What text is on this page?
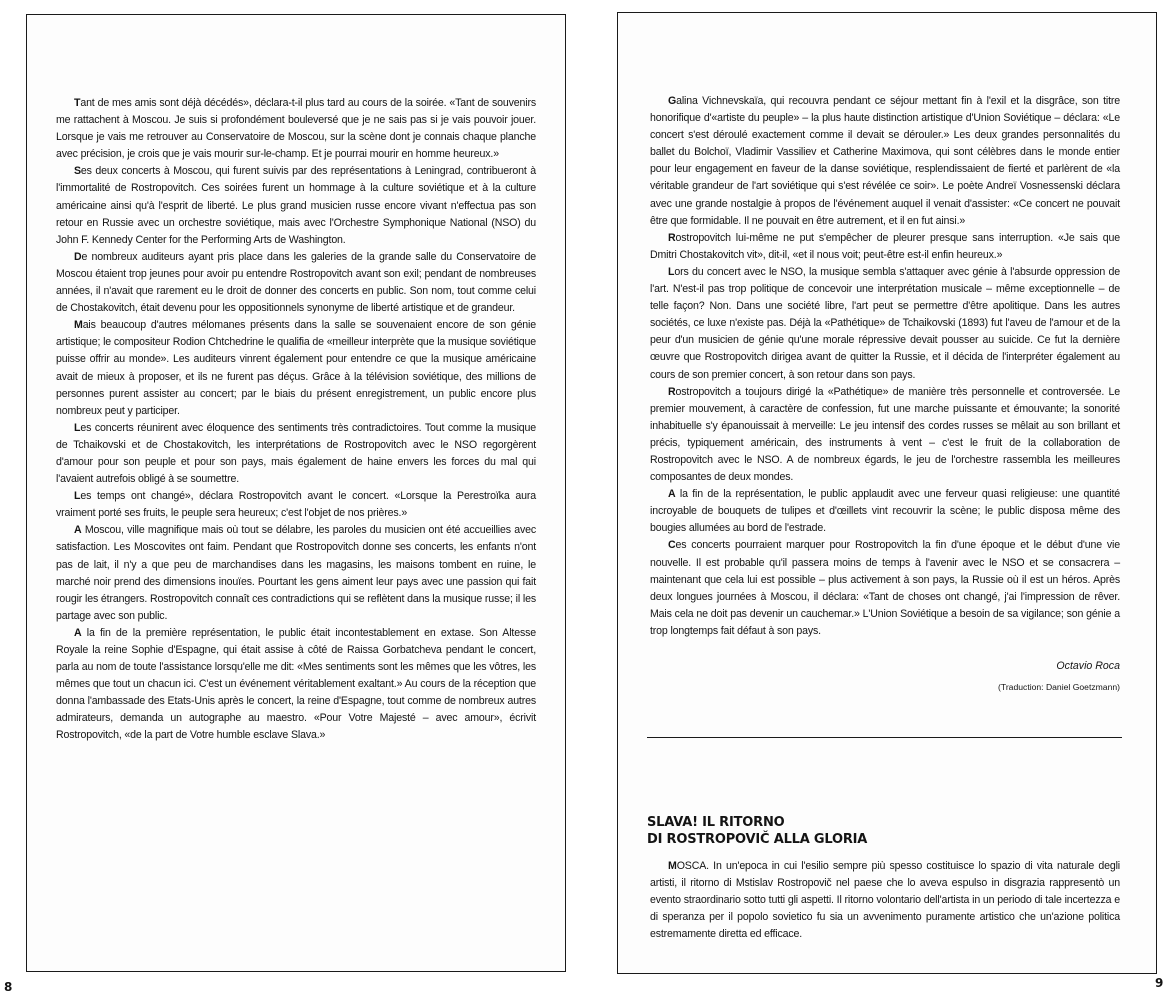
Tant de mes amis sont déjà décédés», déclara-t-il plus tard au cours de la soirée. «Tant de souvenirs me rattachent à Moscou. Je suis si profondément bouleversé que je ne sais pas si je vais pouvoir jouer. Lorsque je vais me retrouver au Conservatoire de Moscou, sur la scène dont je connais chaque planche avec précision, je crois que je vais mourir sur-le-champ. Et je pourrai mourir en homme heureux.»

Ses deux concerts à Moscou, qui furent suivis par des représentations à Leningrad, contribueront à l'immortalité de Rostropovitch. Ces soirées furent un hommage à la culture soviétique et à la culture américaine ainsi qu'à l'esprit de liberté. Le plus grand musicien russe encore vivant n'effectua pas son retour en Russie avec un orchestre soviétique, mais avec l'Orchestre Symphonique National (NSO) du John F. Kennedy Center for the Performing Arts de Washington.

De nombreux auditeurs ayant pris place dans les galeries de la grande salle du Conservatoire de Moscou étaient trop jeunes pour avoir pu entendre Rostropovitch avant son exil; pendant de nombreuses années, il n'avait que rarement eu le droit de donner des concerts en public. Son nom, tout comme celui de Chostakovitch, était devenu pour les oppositionnels synonyme de liberté artistique et de grandeur.

Mais beaucoup d'autres mélomanes présents dans la salle se souvenaient encore de son génie artistique; le compositeur Rodion Chtchedrine le qualifia de «meilleur interprète que la musique soviétique puisse offrir au monde». Les auditeurs vinrent également pour entendre ce que la musique américaine avait de mieux à proposer, et ils ne furent pas déçus. Grâce à la télévision soviétique, des millions de personnes purent assister au concert; par le biais du présent enregistrement, un public encore plus nombreux peut y participer.

Les concerts réunirent avec éloquence des sentiments très contradictoires. Tout comme la musique de Tchaikovski et de Chostakovitch, les interprétations de Rostropovitch avec le NSO regorgèrent d'amour pour son peuple et pour son pays, mais également de haine envers les forces du mal qui l'avaient autrefois obligé à se soumettre.

Les temps ont changé», déclara Rostropovitch avant le concert. «Lorsque la Perestroïka aura vraiment porté ses fruits, le peuple sera heureux; c'est l'objet de nos prières.»

A Moscou, ville magnifique mais où tout se délabre, les paroles du musicien ont été accueillies avec satisfaction. Les Moscovites ont faim. Pendant que Rostropovitch donne ses concerts, les enfants n'ont pas de lait, il n'y a que peu de marchandises dans les magasins, les maisons tombent en ruine, le marché noir prend des dimensions inouïes. Pourtant les gens aiment leur pays avec une passion qui fait rougir les étrangers. Rostropovitch connaît ces contradictions qui se reflètent dans la musique russe; il les partage avec son public.

A la fin de la première représentation, le public était incontestablement en extase. Son Altesse Royale la reine Sophie d'Espagne, qui était assise à côté de Raissa Gorbatcheva pendant le concert, parla au nom de toute l'assistance lorsqu'elle me dit: «Mes sentiments sont les mêmes que les vôtres, les mêmes que tout un chacun ici. C'est un événement véritablement exaltant.» Au cours de la réception que donna l'ambassade des Etats-Unis après le concert, la reine d'Espagne, tout comme de nombreux autres admirateurs, demanda un autographe au maestro. «Pour Votre Majesté – avec amour», écrivit Rostropovitch, «de la part de Votre humble esclave Slava.»

Galina Vichnevskaïa, qui recouvra pendant ce séjour mettant fin à l'exil et la disgrâce, son titre honorifique d'«artiste du peuple» – la plus haute distinction artistique d'Union Soviétique – déclara: «Le concert s'est déroulé exactement comme il devait se dérouler.» Les deux grandes personnalités du ballet du Bolchoï, Vladimir Vassiliev et Catherine Maximova, qui sont célèbres dans le monde entier pour leur engagement en faveur de la danse soviétique, resplendissaient de fierté et parlèrent de «la véritable grandeur de l'art soviétique qui s'est révélée ce soir». Le poète Andreï Vosnessenski déclara avec une grande nostalgie à propos de l'événement auquel il venait d'assister: «Ce concert ne pouvait être que formidable. Il ne pouvait en être autrement, et il en fut ainsi.»

Rostropovitch lui-même ne put s'empêcher de pleurer presque sans interruption. «Je sais que Dmitri Chostakovitch vit», dit-il, «et il nous voit; peut-être est-il enfin heureux.»

Lors du concert avec le NSO, la musique sembla s'attaquer avec génie à l'absurde oppression de l'art. N'est-il pas trop politique de concevoir une interprétation musicale – même exceptionnelle – de telle façon? Non. Dans une société libre, l'art peut se permettre d'être apolitique. Dans les autres sociétés, ce luxe n'existe pas. Déjà la «Pathétique» de Tchaikovski (1893) fut l'aveu de l'amour et de la peur d'un musicien de génie qu'une morale répressive devait pousser au suicide. Ce fut la dernière œuvre que Rostropovitch dirigea avant de quitter la Russie, et il décida de l'interpréter également au cours de son premier concert, à son retour dans son pays.

Rostropovitch a toujours dirigé la «Pathétique» de manière très personnelle et controversée. Le premier mouvement, à caractère de confession, fut une marche puissante et émouvante; la sonorité inhabituelle s'y épanouissait à merveille: Le jeu intensif des cordes russes se mêlait au son brillant et précis, typiquement américain, des instruments à vent – c'est le fruit de la collaboration de Rostropovitch avec le NSO. A de nombreux égards, le jeu de l'orchestre rassembla les meilleures composantes de deux mondes.

A la fin de la représentation, le public applaudit avec une ferveur quasi religieuse: une quantité incroyable de bouquets de tulipes et d'œillets vint recouvrir la scène; le public disposa même des bougies allumées au bord de l'estrade.

Ces concerts pourraient marquer pour Rostropovitch la fin d'une époque et le début d'une vie nouvelle. Il est probable qu'il passera moins de temps à l'avenir avec le NSO et se consacrera – maintenant que cela lui est possible – plus activement à son pays, la Russie où il est un héros. Après deux longues journées à Moscou, il déclara: «Tant de choses ont changé, j'ai l'impression de rêver. Mais cela ne doit pas devenir un cauchemar.» L'Union Soviétique a besoin de sa vigilance; son génie a trop longtemps fait défaut à son pays.

Octavio Roca
(Traduction: Daniel Goetzmann)
SLAVA! IL RITORNO
DI ROSTROPOVIČ ALLA GLORIA

MOSCA. In un'epoca in cui l'esilio sempre più spesso costituisce lo spazio di vita naturale degli artisti, il ritorno di Mstislav Rostropovič nel paese che lo aveva espulso in disgrazia rappresentò un evento straordinario sotto tutti gli aspetti. Il ritorno volontario dell'artista in un periodo di tale incertezza e di speranza per il popolo sovietico fu sia un avvenimento puramente artistico che un'azione politica estremamente diretta ed efficace.

8	9
